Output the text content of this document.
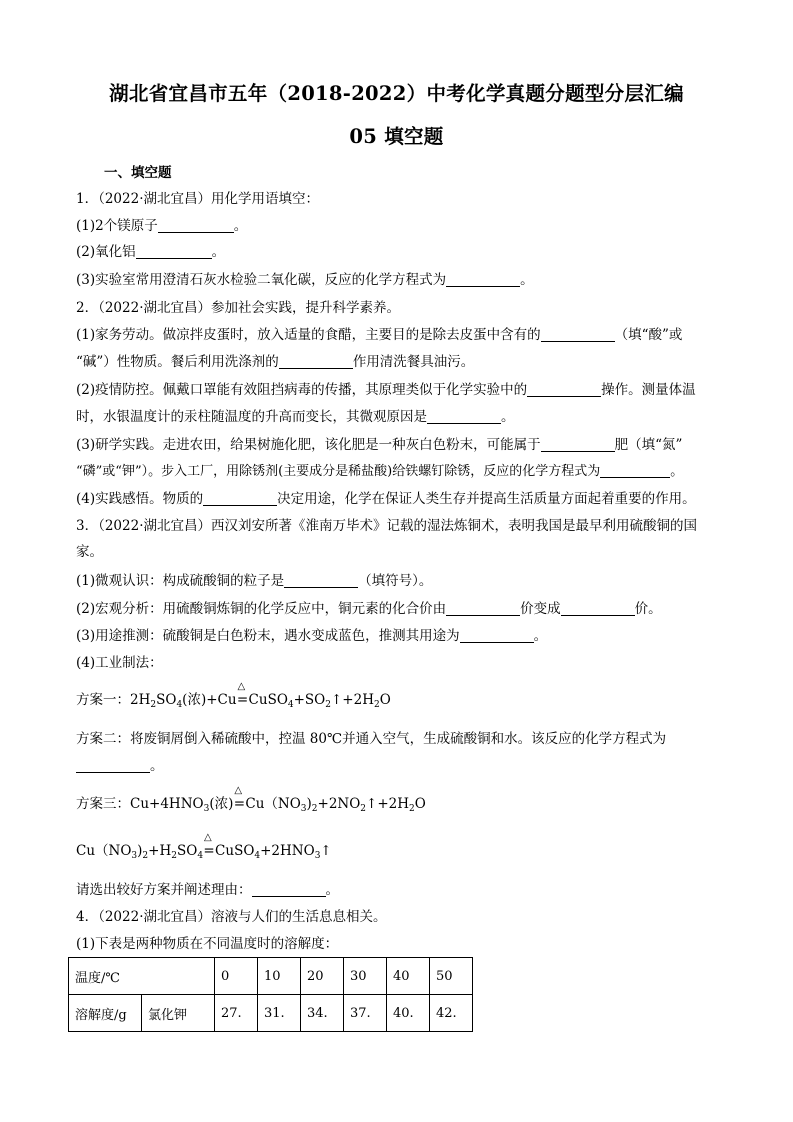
湖北省宜昌市五年（2018-2022）中考化学真题分题型分层汇编
05 填空题
一、填空题
1．（2022·湖北宜昌）用化学用语填空：
(1)2个镁原子	。
(2)氧化铝	。
(3)实验室常用澄清石灰水检验二氧化碳，反应的化学方程式为	。
2．（2022·湖北宜昌）参加社会实践，提升科学素养。
(1)家务劳动。做凉拌皮蛋时，放入适量的食醋，主要目的是除去皮蛋中含有的	（填“酸”或
“碱”）性物质。餐后利用洗涤剂的	作用清洗餐具油污。
(2)疫情防控。佩戴口罩能有效阻挡病毒的传播，其原理类似于化学实验中的	操作。测量体温
时，水银温度计的汞柱随温度的升高而变长，其微观原因是	。
(3)研学实践。走进农田，给果树施化肥，该化肥是一种灰白色粉末，可能属于	肥（填“氮”
“磷”或“钾”）。步入工厂，用除锈剂(主要成分是稀盐酸)给铁螺钉除锈，反应的化学方程式为	。
(4)实践感悟。物质的	决定用途，化学在保证人类生存并提高生活质量方面起着重要的作用。
3．（2022·湖北宜昌）西汉刘安所著《淮南万毕术》记载的湿法炼铜术，表明我国是最早利用硫酸铜的国
家。
(1)微观认识：构成硫酸铜的粒子是	（填符号）。
(2)宏观分析：用硫酸铜炼铜的化学反应中，铜元素的化合价由	价变成	价。
(3)用途推测：硫酸铜是白色粉末，遇水变成蓝色，推测其用途为	。
(4)工业制法：
方案一：$2H_2SO_4$(浓)+Cu
△
$=CuSO_4+SO_2↑+2H_2O$
方案二：将废铜屑倒入稀硫酸中，控温 80℃并通入空气，生成硫酸铜和水。该反应的化学方程式为
。
方案三：$Cu+4HNO_3$(浓)
△
$=Cu(NO_3)_2+2NO_2↑+2H_2O$
$Cu(NO_3)_2+H_2SO_4$
△
$=CuSO_4+2HNO_3↑$
请选出较好方案并阐述理由：	。
4．（2022·湖北宜昌）溶液与人们的生活息息相关。
(1)下表是两种物质在不同温度时的溶解度：
温度/℃		0	10	20	30	40	50
溶解度/g	氯化钾	27.	31.	34.	37.	40.	42.
